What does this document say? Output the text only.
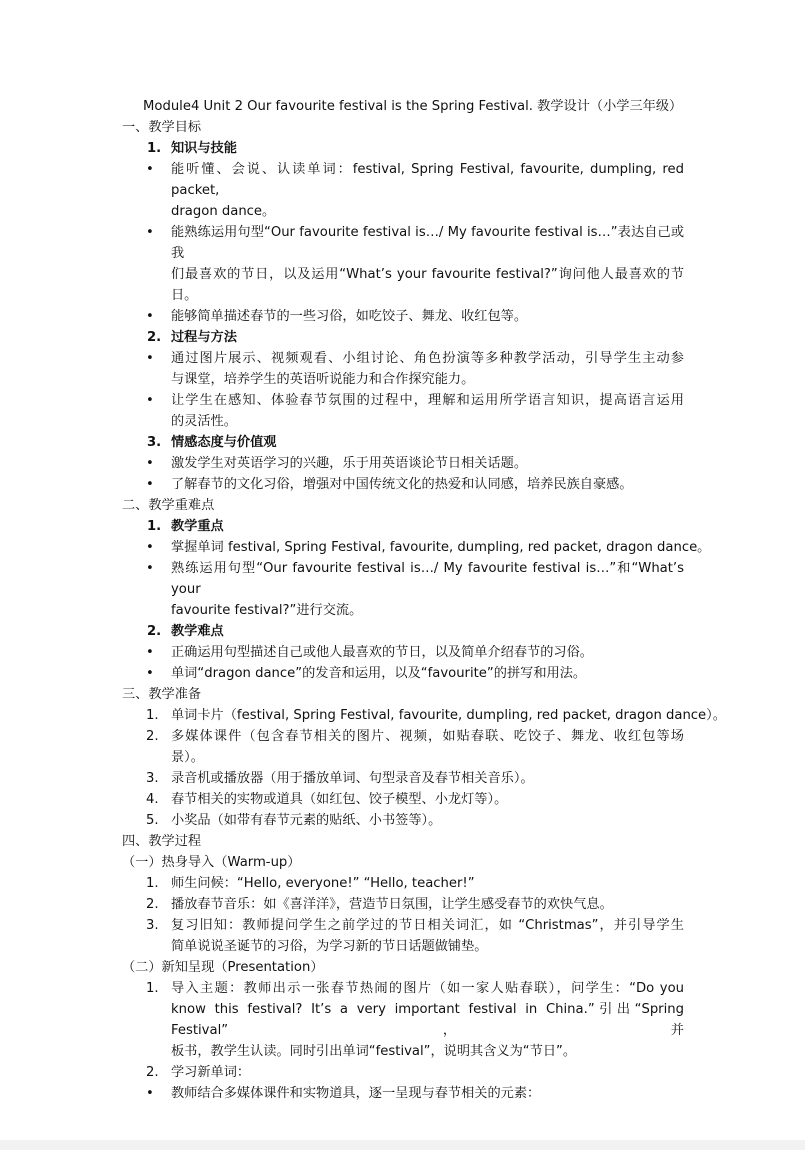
Module4 Unit 2 Our favourite festival is the Spring Festival. 教学设计（小学三年级）
一、教学目标
1. 知识与技能
• 能听懂、会说、认读单词：festival, Spring Festival, favourite, dumpling, red packet,
dragon dance。
• 能熟练运用句型“Our favourite festival is…/ My favourite festival is…”表达自己或我
们最喜欢的节日，以及运用“What’s your favourite festival?”询问他人最喜欢的节
日。
• 能够简单描述春节的一些习俗，如吃饺子、舞龙、收红包等。
2. 过程与方法
• 通过图片展示、视频观看、小组讨论、角色扮演等多种教学活动，引导学生主动参
与课堂，培养学生的英语听说能力和合作探究能力。
• 让学生在感知、体验春节氛围的过程中，理解和运用所学语言知识，提高语言运用
的灵活性。
3. 情感态度与价值观
• 激发学生对英语学习的兴趣，乐于用英语谈论节日相关话题。
• 了解春节的文化习俗，增强对中国传统文化的热爱和认同感，培养民族自豪感。
二、教学重难点
1. 教学重点
• 掌握单词 festival, Spring Festival, favourite, dumpling, red packet, dragon dance。
• 熟练运用句型“Our favourite festival is…/ My favourite festival is…”和“What’s your
favourite festival?”进行交流。
2. 教学难点
• 正确运用句型描述自己或他人最喜欢的节日，以及简单介绍春节的习俗。
• 单词“dragon dance”的发音和运用，以及“favourite”的拼写和用法。
三、教学准备
1. 单词卡片（festival, Spring Festival, favourite, dumpling, red packet, dragon dance）。
2. 多媒体课件（包含春节相关的图片、视频，如贴春联、吃饺子、舞龙、收红包等场
景）。
3. 录音机或播放器（用于播放单词、句型录音及春节相关音乐）。
4. 春节相关的实物或道具（如红包、饺子模型、小龙灯等）。
5. 小奖品（如带有春节元素的贴纸、小书签等）。
四、教学过程
（一）热身导入（Warm-up）
1. 师生问候：“Hello, everyone!” “Hello, teacher!”
2. 播放春节音乐：如《喜洋洋》，营造节日氛围，让学生感受春节的欢快气息。
3. 复习旧知：教师提问学生之前学过的节日相关词汇，如 “Christmas”，并引导学生
简单说说圣诞节的习俗，为学习新的节日话题做铺垫。
（二）新知呈现（Presentation）
1. 导入主题：教师出示一张春节热闹的图片（如一家人贴春联），问学生：“Do you
know this festival? It’s a very important festival in China.”引出“Spring Festival”，并
板书，教学生认读。同时引出单词“festival”，说明其含义为“节日”。
2. 学习新单词：
• 教师结合多媒体课件和实物道具，逐一呈现与春节相关的元素：
